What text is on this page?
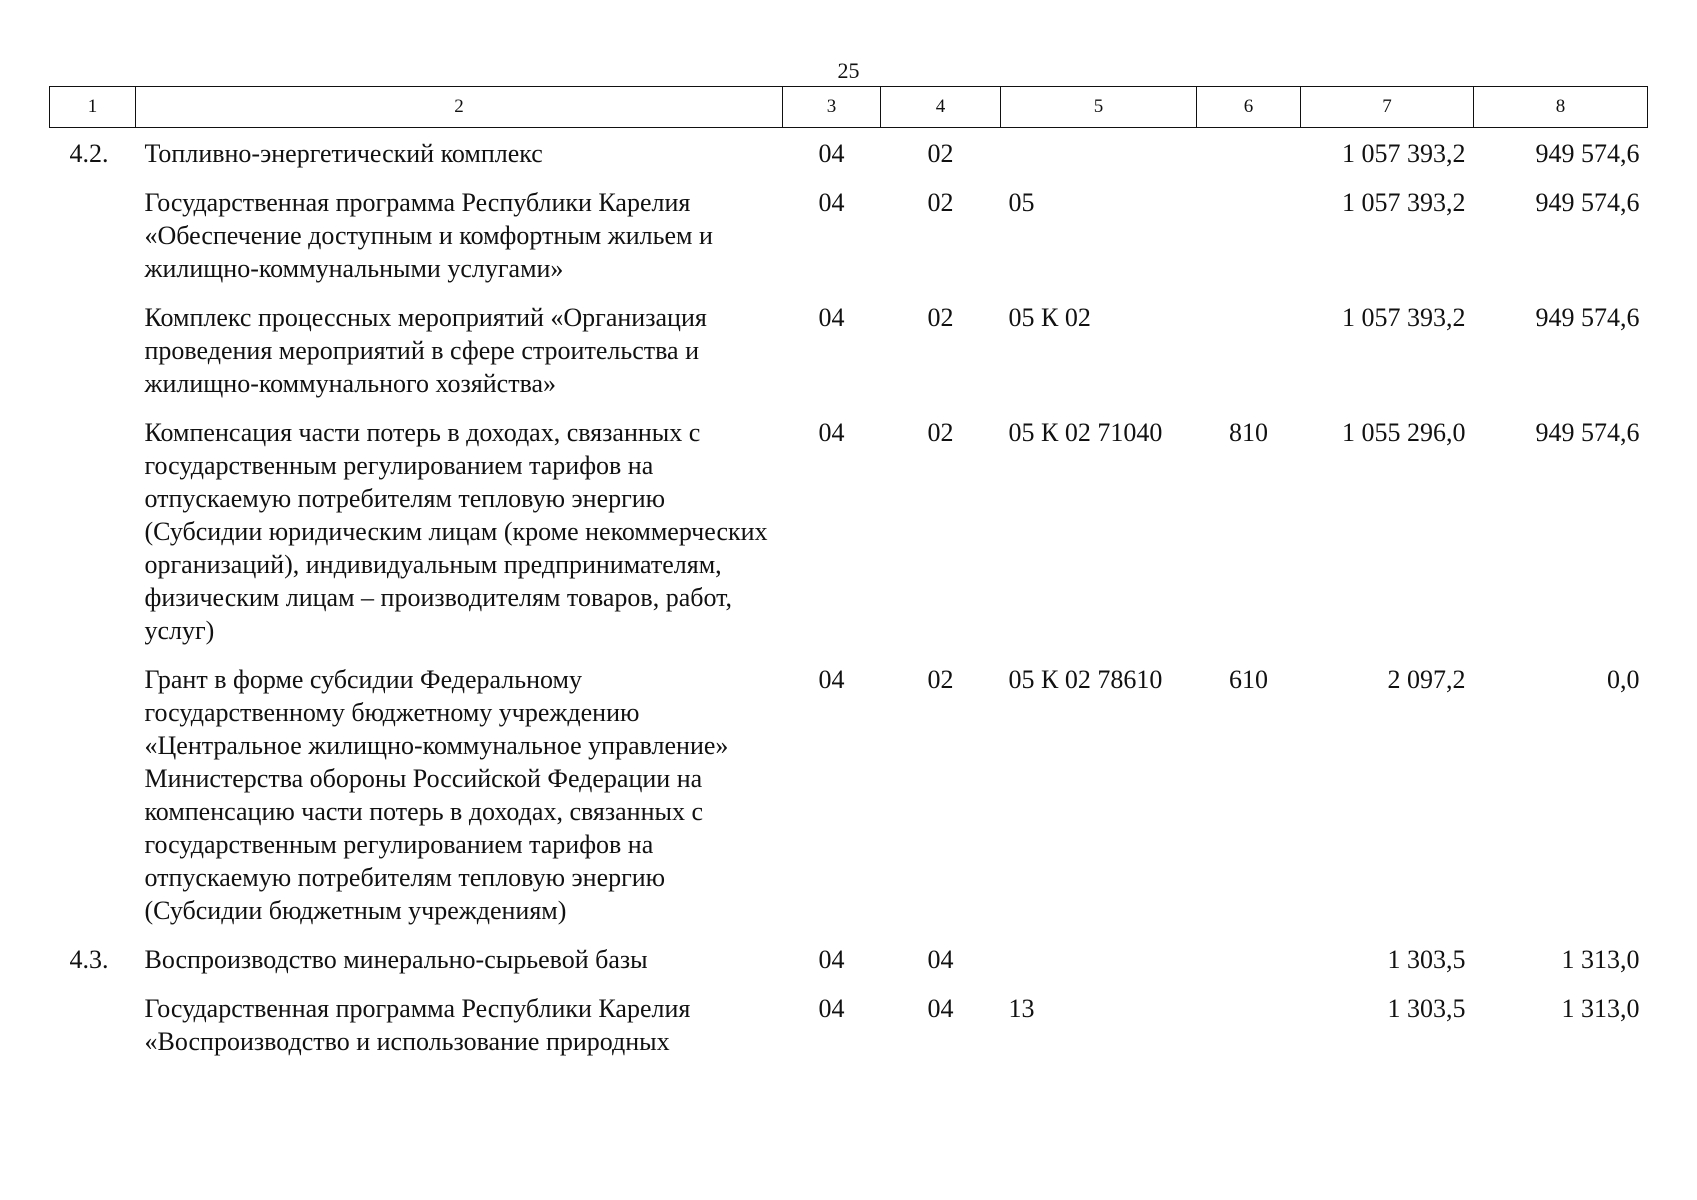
25
1	2	3	4	5	6	7	8
4.2.	Топливно-энергетический комплекс	04	02			1 057 393,2	949 574,6
	Государственная программа Республики Карелия «Обеспечение доступным и комфортным жильем и жилищно-коммунальными услугами»	04	02	05		1 057 393,2	949 574,6
	Комплекс процессных мероприятий «Организация проведения мероприятий в сфере строительства и жилищно-коммунального хозяйства»	04	02	05 К 02		1 057 393,2	949 574,6
	Компенсация части потерь в доходах, связанных с государственным регулированием тарифов на отпускаемую потребителям тепловую энергию (Субсидии юридическим лицам (кроме некоммерческих организаций), индивидуальным предпринимателям, физическим лицам – производителям товаров, работ, услуг)	04	02	05 К 02 71040	810	1 055 296,0	949 574,6
	Грант в форме субсидии Федеральному государственному бюджетному учреждению «Центральное жилищно-коммунальное управление» Министерства обороны Российской Федерации на компенсацию части потерь в доходах, связанных с государственным регулированием тарифов на отпускаемую потребителям тепловую энергию (Субсидии бюджетным учреждениям)	04	02	05 К 02 78610	610	2 097,2	0,0
4.3.	Воспроизводство минерально-сырьевой базы	04	04			1 303,5	1 313,0
	Государственная программа Республики Карелия «Воспроизводство и использование природных	04	04	13		1 303,5	1 313,0
